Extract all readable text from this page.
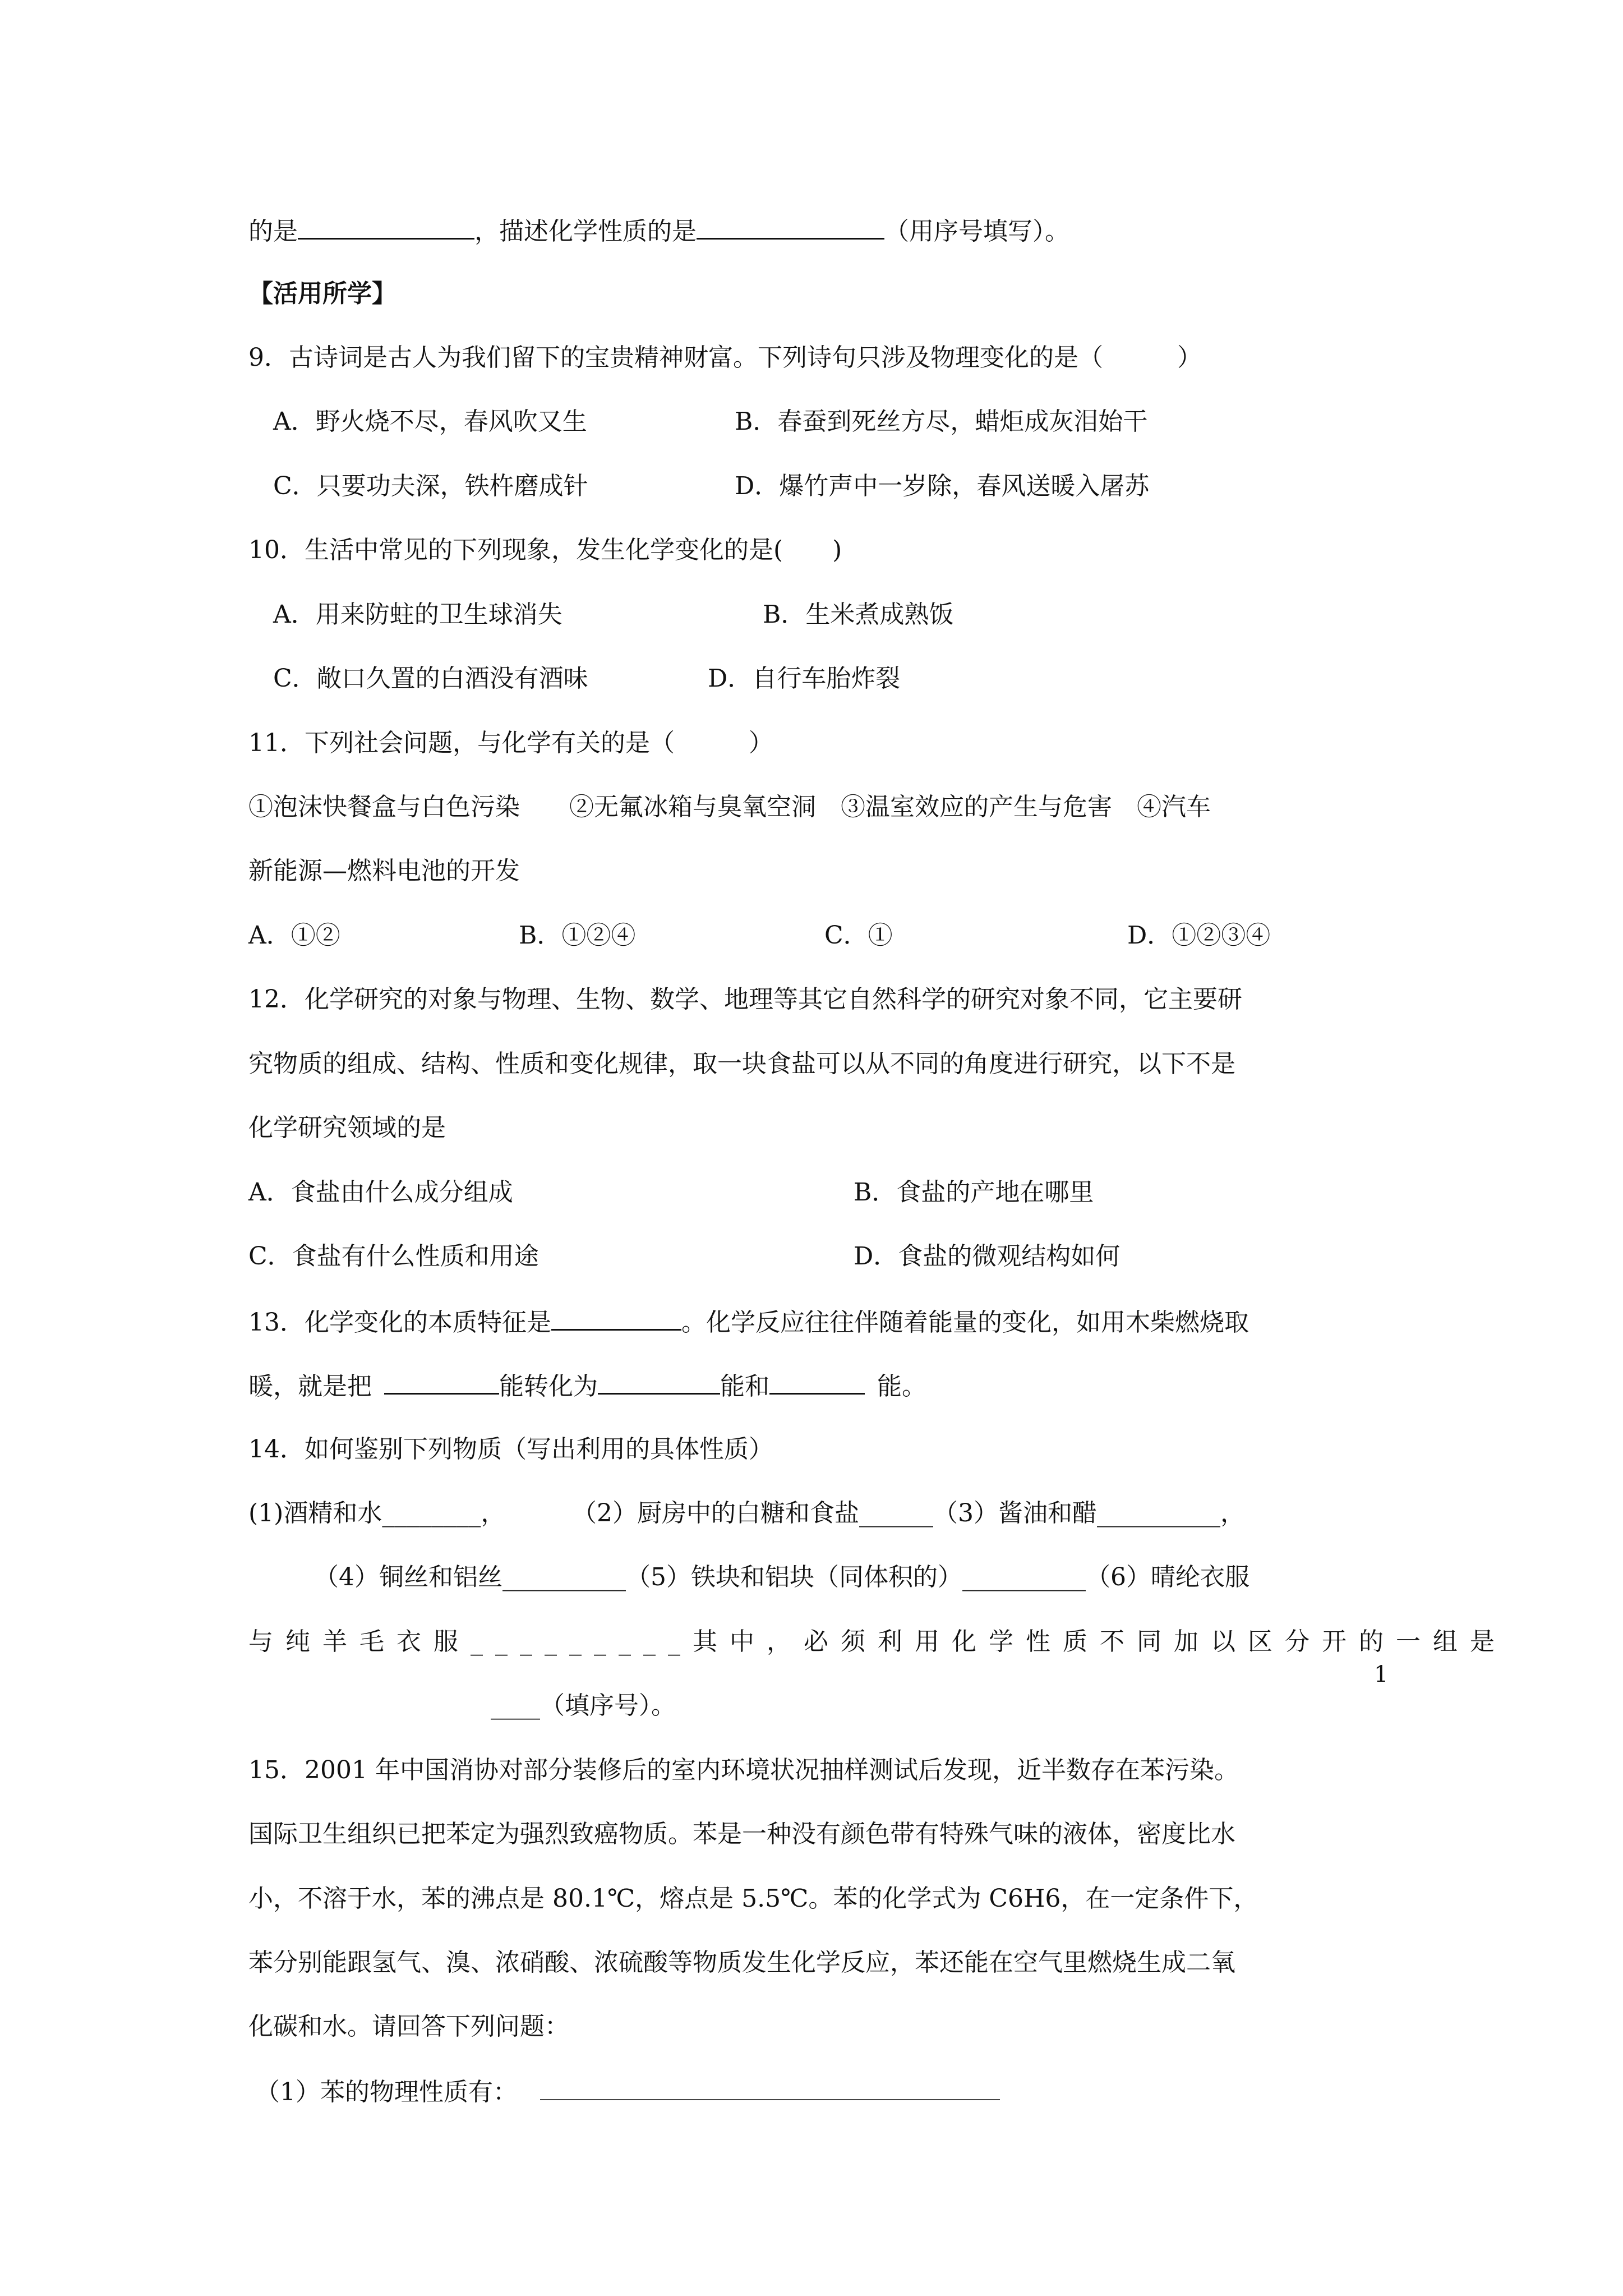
的是	，描述化学性质的是	（用序号填写）。
【活用所学】
9．古诗词是古人为我们留下的宝贵精神财富。下列诗句只涉及物理变化的是（　　　）
A．野火烧不尽，春风吹又生	B．春蚕到死丝方尽，蜡炬成灰泪始干
C．只要功夫深，铁杵磨成针	D．爆竹声中一岁除，春风送暖入屠苏
10．生活中常见的下列现象，发生化学变化的是(　　)
A．用来防蛀的卫生球消失	B．生米煮成熟饭
C．敞口久置的白酒没有酒味	D．自行车胎炸裂
11．下列社会问题，与化学有关的是（　　　）
①泡沫快餐盒与白色污染　　②无氟冰箱与臭氧空洞　③温室效应的产生与危害　④汽车
新能源—燃料电池的开发
A．①②	B．①②④	C．①	D．①②③④
12．化学研究的对象与物理、生物、数学、地理等其它自然科学的研究对象不同，它主要研
究物质的组成、结构、性质和变化规律，取一块食盐可以从不同的角度进行研究，以下不是
化学研究领域的是
A．食盐由什么成分组成	B．食盐的产地在哪里
C．食盐有什么性质和用途	D．食盐的微观结构如何
13．化学变化的本质特征是	。化学反应往往伴随着能量的变化，如用木柴燃烧取
暖，就是把	能转化为	能和	能。
14．如何鉴别下列物质（写出利用的具体性质）
(1)酒精和水________，	（2）厨房中的白糖和食盐______（3）酱油和醋__________，
（4）铜丝和铝丝__________（5）铁块和铝块（同体积的）__________（6）晴纶衣服
与纯羊毛衣服_________其中，必须利用化学性质不同加以区分开的一组是
____（填序号）。
15．2001 年中国消协对部分装修后的室内环境状况抽样测试后发现，近半数存在苯污染。
国际卫生组织已把苯定为强烈致癌物质。苯是一种没有颜色带有特殊气味的液体，密度比水
小，不溶于水，苯的沸点是 80.1℃，熔点是 5.5℃。苯的化学式为 C6H6，在一定条件下，
苯分别能跟氢气、溴、浓硝酸、浓硫酸等物质发生化学反应，苯还能在空气里燃烧生成二氧
化碳和水。请回答下列问题：
（1）苯的物理性质有：
1
